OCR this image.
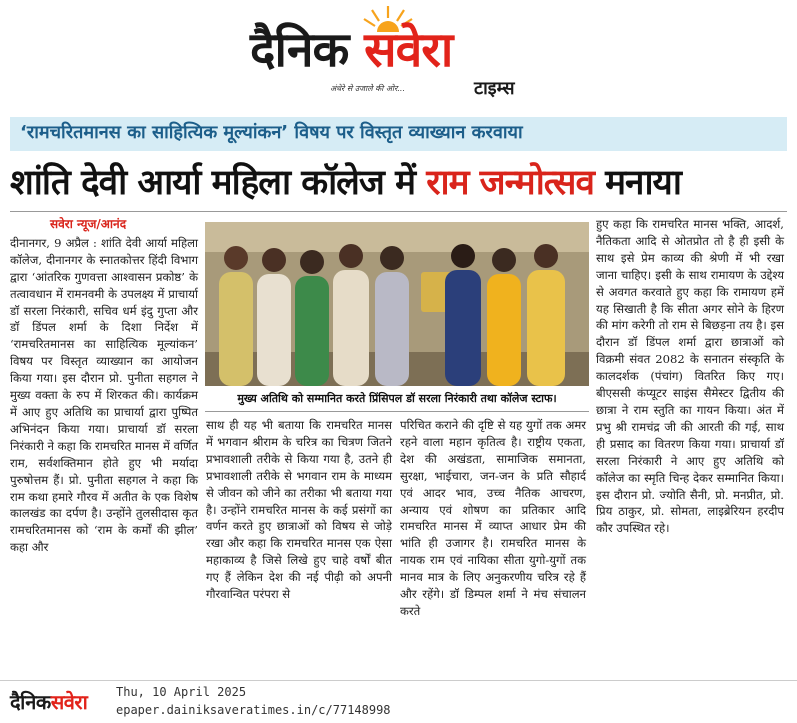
दैनिक सवेरा
अंधेरे से उजाले की ओर...	टाइम्स
‘रामचरितमानस का साहित्यिक मूल्यांकन’ विषय पर विस्तृत व्याख्यान करवाया
शांति देवी आर्या महिला कॉलेज में राम जन्मोत्सव मनाया
सवेरा न्यूज/आनंद
दीनानगर, 9 अप्रैल : शांति देवी आर्या महिला कॉलेज, दीनानगर के स्नातकोत्तर हिंदी विभाग द्वारा ‘आंतरिक गुणवत्ता आश्वासन प्रकोष्ठ’ के तत्वावधान में रामनवमी के उपलक्ष्य में प्राचार्या डॉ सरला निरंकारी, सचिव धर्म इंदु गुप्ता और डॉ डिंपल शर्मा के दिशा निर्देश में ‘रामचरितमानस का साहित्यिक मूल्यांकन’ विषय पर विस्तृत व्याख्यान का आयोजन किया गया। इस दौरान प्रो. पुनीता सहगल ने मुख्य वक्ता के रुप में शिरकत की। कार्यक्रम में आए हुए अतिथि का प्राचार्या द्वारा पुष्पित अभिनंदन किया गया। प्राचार्या डॉ सरला निरंकारी ने कहा कि रामचरित मानस में वर्णित राम, सर्वशक्तिमान होते हुए भी मर्यादा पुरुषोत्तम हैं। प्रो. पुनीता सहगल ने कहा कि राम कथा हमारे गौरव में अतीत के एक विशेष कालखंड का दर्पण है। उन्होंने तुलसीदास कृत रामचरितमानस को ‘राम के कर्मों की झील’ कहा और
मुख्य अतिथि को सम्मानित करते प्रिंसिपल डॉ सरला निरंकारी तथा कॉलेज स्टाफ।
साथ ही यह भी बताया कि रामचरित मानस में भगवान श्रीराम के चरित्र का चित्रण जितने प्रभावशाली तरीके से किया गया है, उतने ही प्रभावशाली तरीके से भगवान राम के माध्यम से जीवन को जीने का तरीका भी बताया गया है। उन्होंने रामचरित मानस के कई प्रसंगों का वर्णन करते हुए छात्राओं को विषय से जोड़े रखा और कहा कि रामचरित मानस एक ऐसा महाकाव्य है जिसे लिखे हुए चाहे वर्षों बीत गए हैं लेकिन देश की नई पीढ़ी को अपनी गौरवान्वित परंपरा से
परिचित कराने की दृष्टि से यह युगों तक अमर रहने वाला महान कृतित्व है। राष्ट्रीय एकता, देश की अखंडता, सामाजिक समानता, सुरक्षा, भाईचारा, जन-जन के प्रति सौहार्द एवं आदर भाव, उच्च नैतिक आचरण, अन्याय एवं शोषण का प्रतिकार आदि रामचरित मानस में व्याप्त आधार प्रेम की भांति ही उजागर है। रामचरित मानस के नायक राम एवं नायिका सीता युगो-युगों तक मानव मात्र के लिए अनुकरणीय चरित्र रहे हैं और रहेंगे। डॉ डिम्पल शर्मा ने मंच संचालन करते
हुए कहा कि रामचरित मानस भक्ति, आदर्श, नैतिकता आदि से ओतप्रोत तो है ही इसी के साथ इसे प्रेम काव्य की श्रेणी में भी रखा जाना चाहिए। इसी के साथ रामायण के उद्देश्य से अवगत करवाते हुए कहा कि रामायण हमें यह सिखाती है कि सीता अगर सोने के हिरण की मांग करेगी तो राम से बिछड़ना तय है। इस दौरान डॉ डिंपल शर्मा द्वारा छात्राओं को विक्रमी संवत 2082 के सनातन संस्कृति के कालदर्शक (पंचांग) वितरित किए गए। बीएससी कंप्यूटर साइंस सैमेस्टर द्वितीय की छात्रा ने राम स्तुति का गायन किया। अंत में प्रभु श्री रामचंद्र जी की आरती की गई, साथ ही प्रसाद का वितरण किया गया। प्राचार्या डॉ सरला निरंकारी ने आए हुए अतिथि को कॉलेज का स्मृति चिन्ह देकर सम्मानित किया। इस दौरान प्रो. ज्योति सैनी, प्रो. मनप्रीत, प्रो. प्रिय ठाकुर, प्रो. सोमता, लाइब्रेरियन हरदीप कौर उपस्थित रहे।
दैनिकसवेरा Thu, 10 April 2025
epaper.dainiksaveratimes.in/c/77148998
